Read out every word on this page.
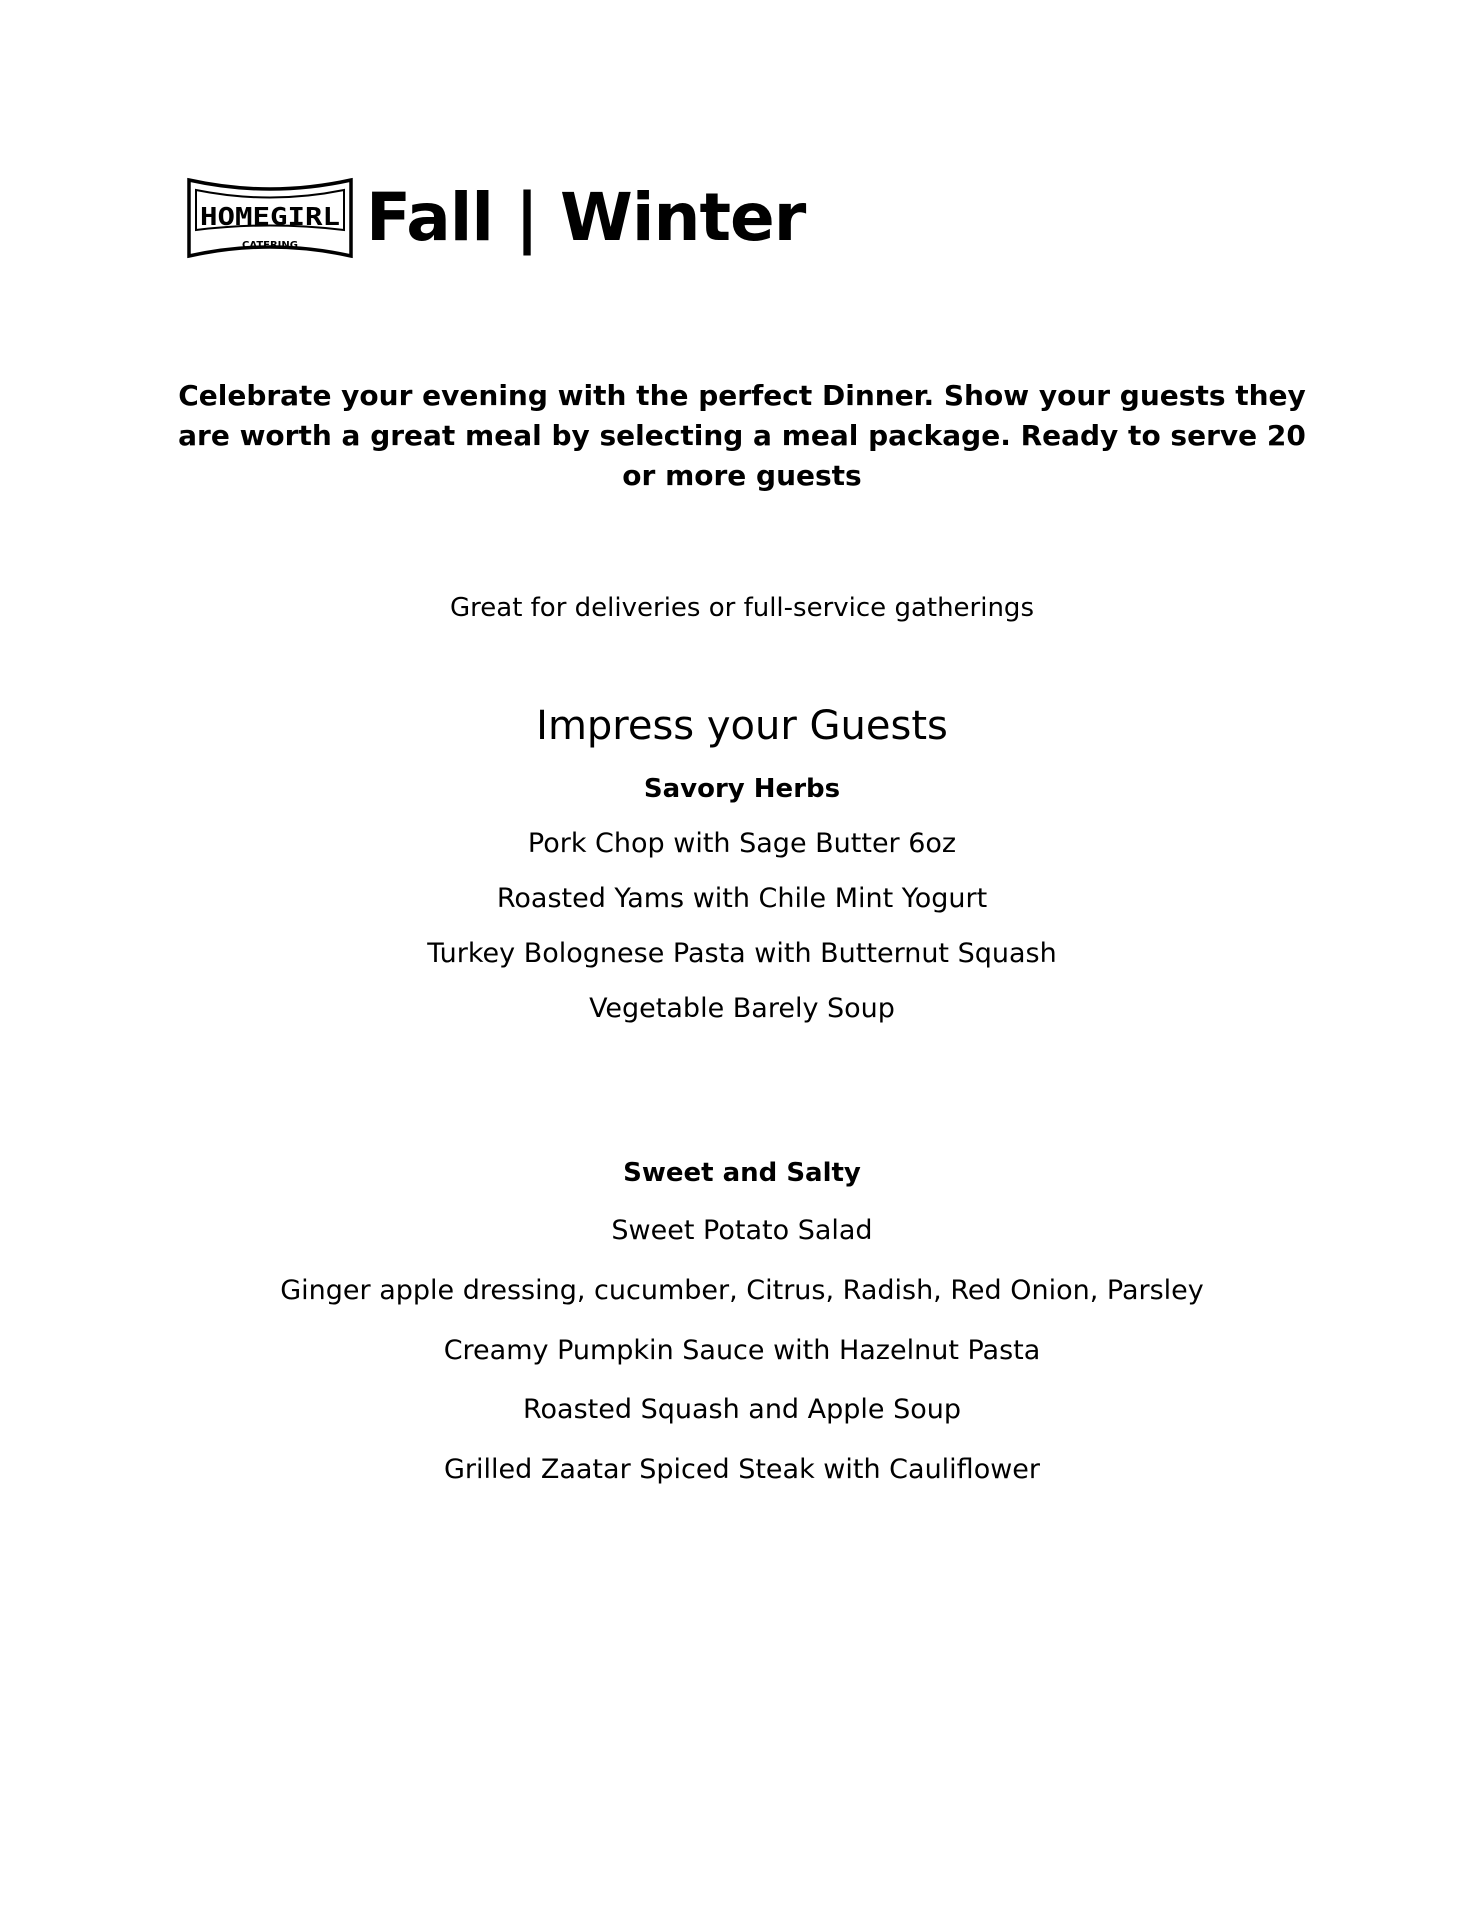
HOMEGIRL
CATERING Fall | Winter

Celebrate your evening with the perfect Dinner. Show your guests they are worth a great meal by selecting a meal package. Ready to serve 20 or more guests

Great for deliveries or full-service gatherings

Impress your Guests
Savory Herbs
Pork Chop with Sage Butter 6oz
Roasted Yams with Chile Mint Yogurt
Turkey Bolognese Pasta with Butternut Squash
Vegetable Barely Soup
Sweet and Salty
Sweet Potato Salad
Ginger apple dressing, cucumber, Citrus, Radish, Red Onion, Parsley
Creamy Pumpkin Sauce with Hazelnut Pasta
Roasted Squash and Apple Soup
Grilled Zaatar Spiced Steak with Cauliflower
